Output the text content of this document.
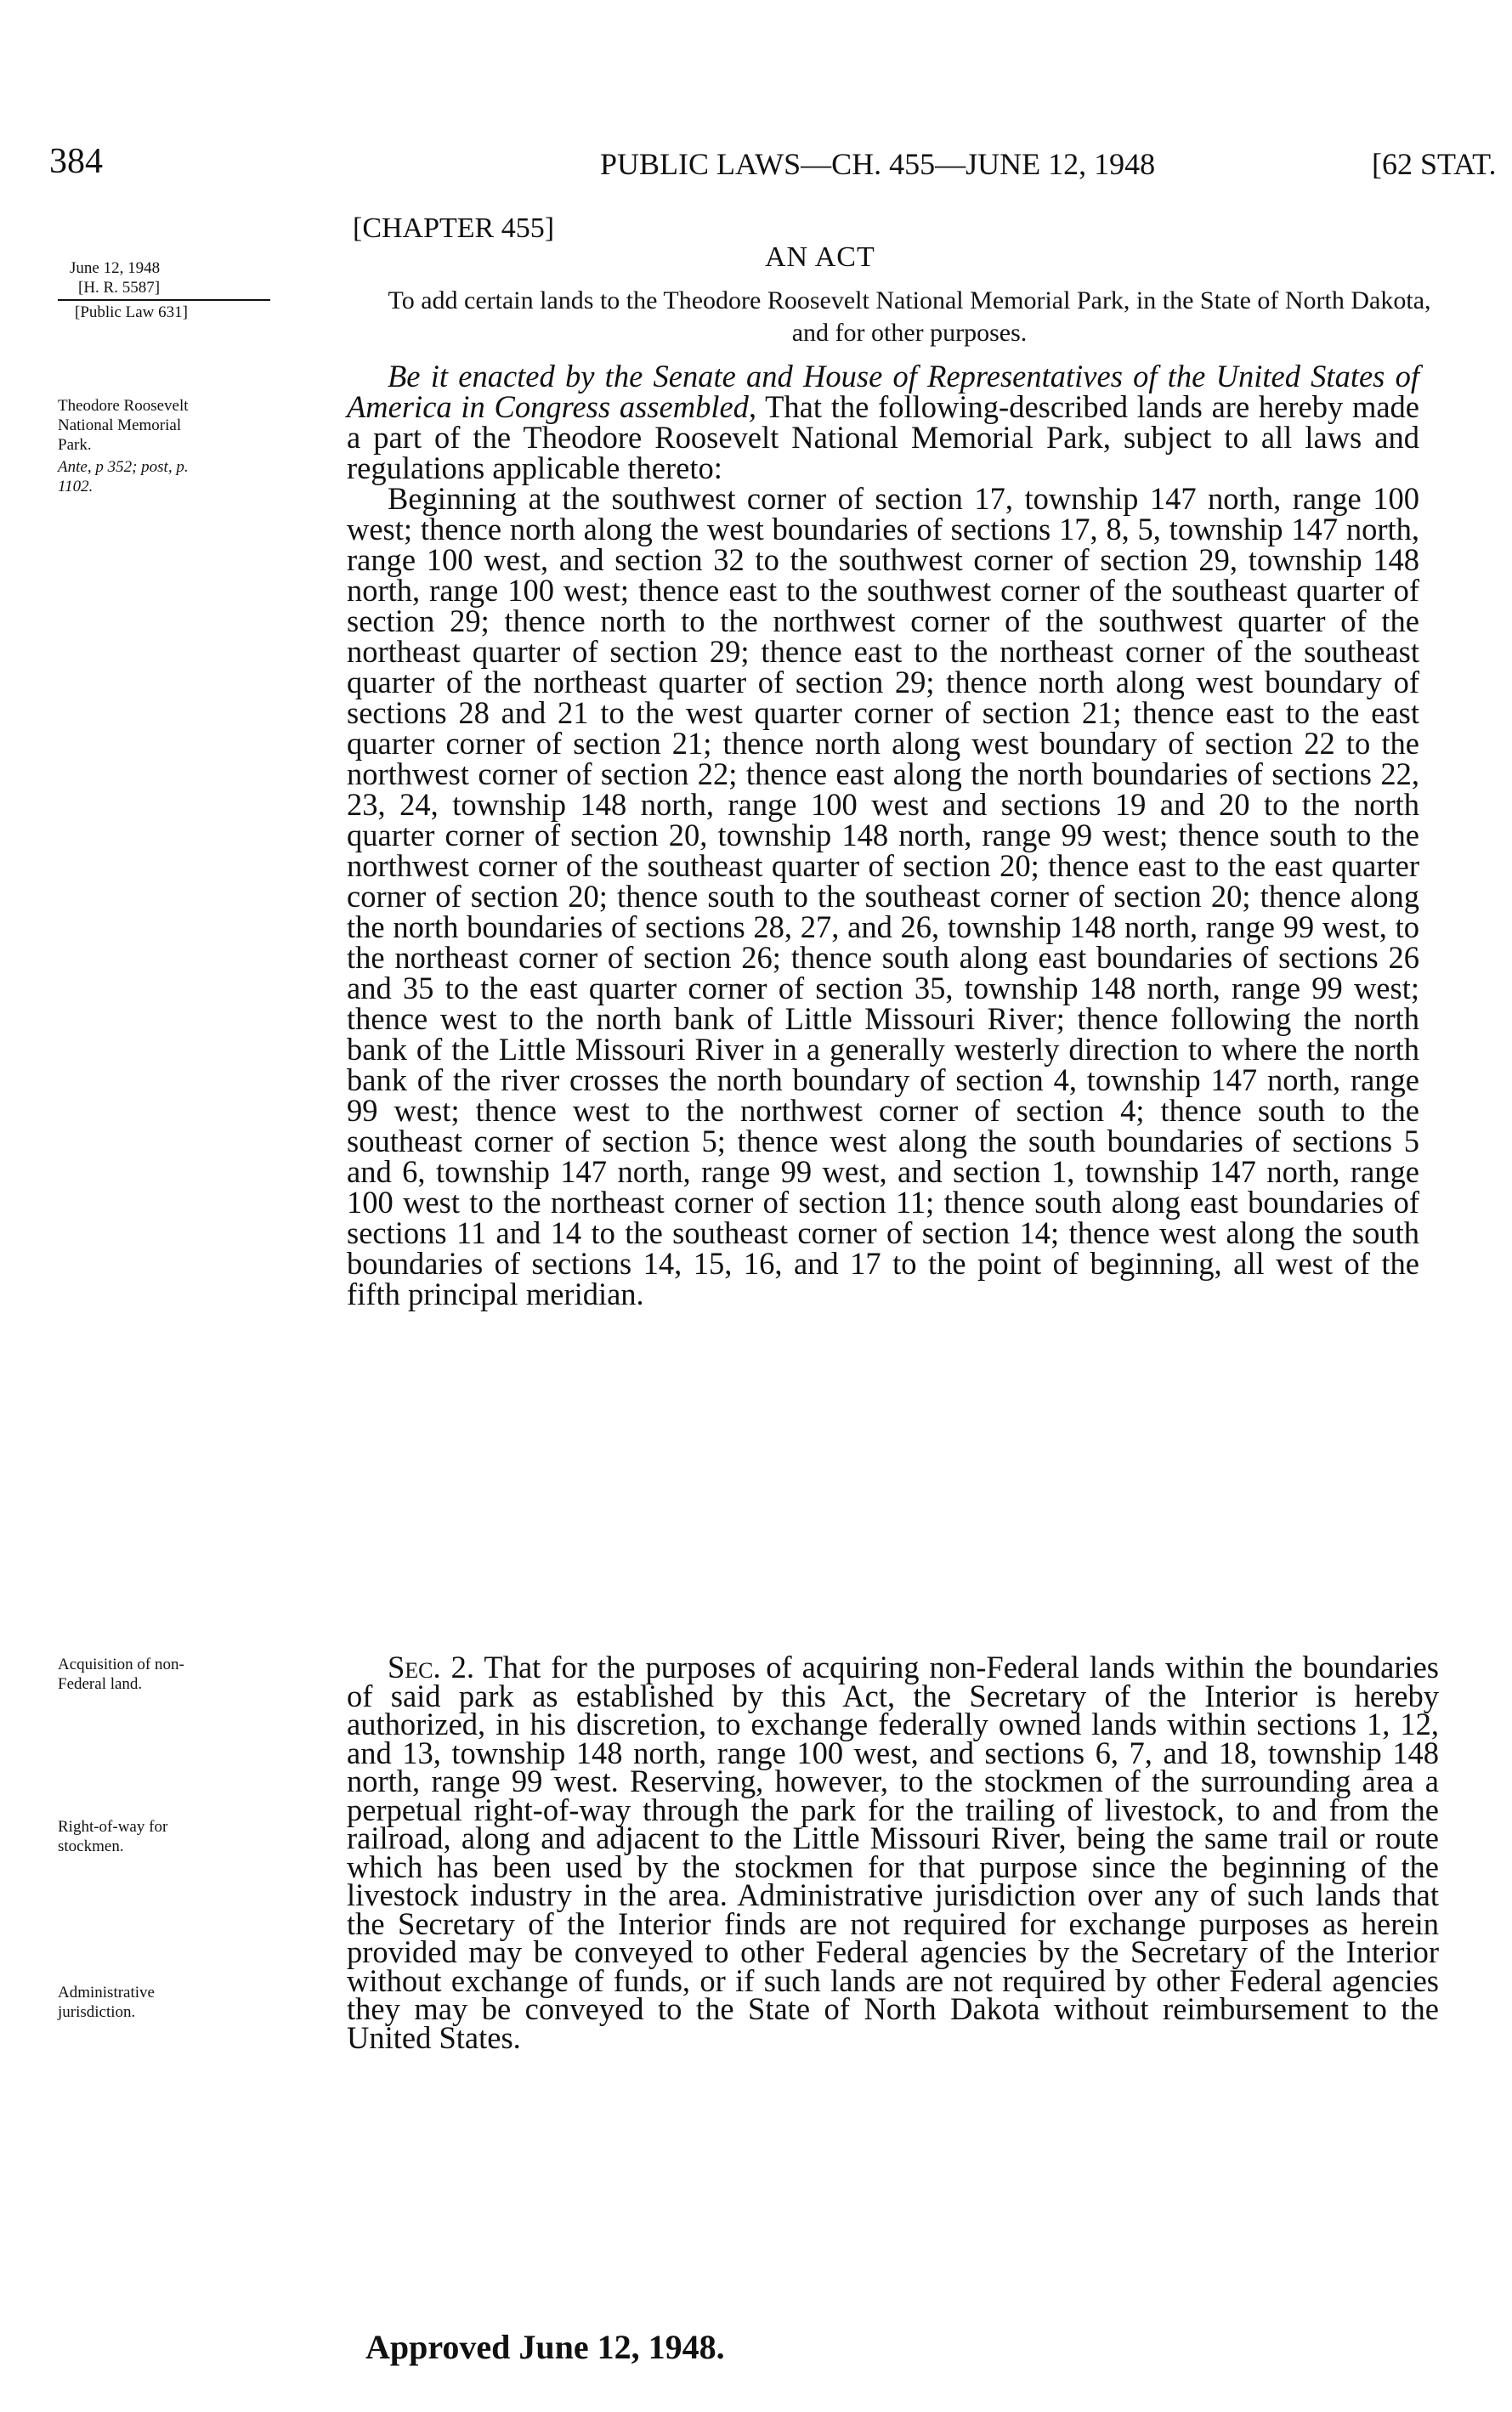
384	PUBLIC LAWS—CH. 455—JUNE 12, 1948	[62 STAT.
[CHAPTER 455]
AN ACT
To add certain lands to the Theodore Roosevelt National Memorial Park, in the State of North Dakota, and for other purposes.
June 12, 1948
[H. R. 5587]
[Public Law 631]
Theodore Roosevelt National Memorial Park.
Ante, p 352; post, p. 1102.
Acquisition of non-Federal land.
Right-of-way for stockmen.
Administrative jurisdiction.

Be it enacted by the Senate and House of Representatives of the United States of America in Congress assembled, That the following-described lands are hereby made a part of the Theodore Roosevelt National Memorial Park, subject to all laws and regulations applicable thereto:

Beginning at the southwest corner of section 17, township 147 north, range 100 west; thence north along the west boundaries of sections 17, 8, 5, township 147 north, range 100 west, and section 32 to the southwest corner of section 29, township 148 north, range 100 west; thence east to the southwest corner of the southeast quarter of section 29; thence north to the northwest corner of the southwest quarter of the northeast quarter of section 29; thence east to the northeast corner of the southeast quarter of the northeast quarter of section 29; thence north along west boundary of sections 28 and 21 to the west quarter corner of section 21; thence east to the east quarter corner of section 21; thence north along west boundary of section 22 to the northwest corner of section 22; thence east along the north boundaries of sections 22, 23, 24, township 148 north, range 100 west and sections 19 and 20 to the north quarter corner of section 20, township 148 north, range 99 west; thence south to the northwest corner of the southeast quarter of section 20; thence east to the east quarter corner of section 20; thence south to the southeast corner of section 20; thence along the north boundaries of sections 28, 27, and 26, township 148 north, range 99 west, to the northeast corner of section 26; thence south along east boundaries of sections 26 and 35 to the east quarter corner of section 35, township 148 north, range 99 west; thence west to the north bank of Little Missouri River; thence following the north bank of the Little Missouri River in a generally westerly direction to where the north bank of the river crosses the north boundary of section 4, township 147 north, range 99 west; thence west to the northwest corner of section 4; thence south to the southeast corner of section 5; thence west along the south boundaries of sections 5 and 6, township 147 north, range 99 west, and section 1, township 147 north, range 100 west to the northeast corner of section 11; thence south along east boundaries of sections 11 and 14 to the southeast corner of section 14; thence west along the south boundaries of sections 14, 15, 16, and 17 to the point of beginning, all west of the fifth principal meridian.

Sec. 2. That for the purposes of acquiring non-Federal lands within the boundaries of said park as established by this Act, the Secretary of the Interior is hereby authorized, in his discretion, to exchange federally owned lands within sections 1, 12, and 13, township 148 north, range 100 west, and sections 6, 7, and 18, township 148 north, range 99 west. Reserving, however, to the stockmen of the surrounding area a perpetual right-of-way through the park for the trailing of livestock, to and from the railroad, along and adjacent to the Little Missouri River, being the same trail or route which has been used by the stockmen for that purpose since the beginning of the livestock industry in the area. Administrative jurisdiction over any of such lands that the Secretary of the Interior finds are not required for exchange purposes as herein provided may be conveyed to other Federal agencies by the Secretary of the Interior without exchange of funds, or if such lands are not required by other Federal agencies they may be conveyed to the State of North Dakota without reimbursement to the United States.

Approved June 12, 1948.
